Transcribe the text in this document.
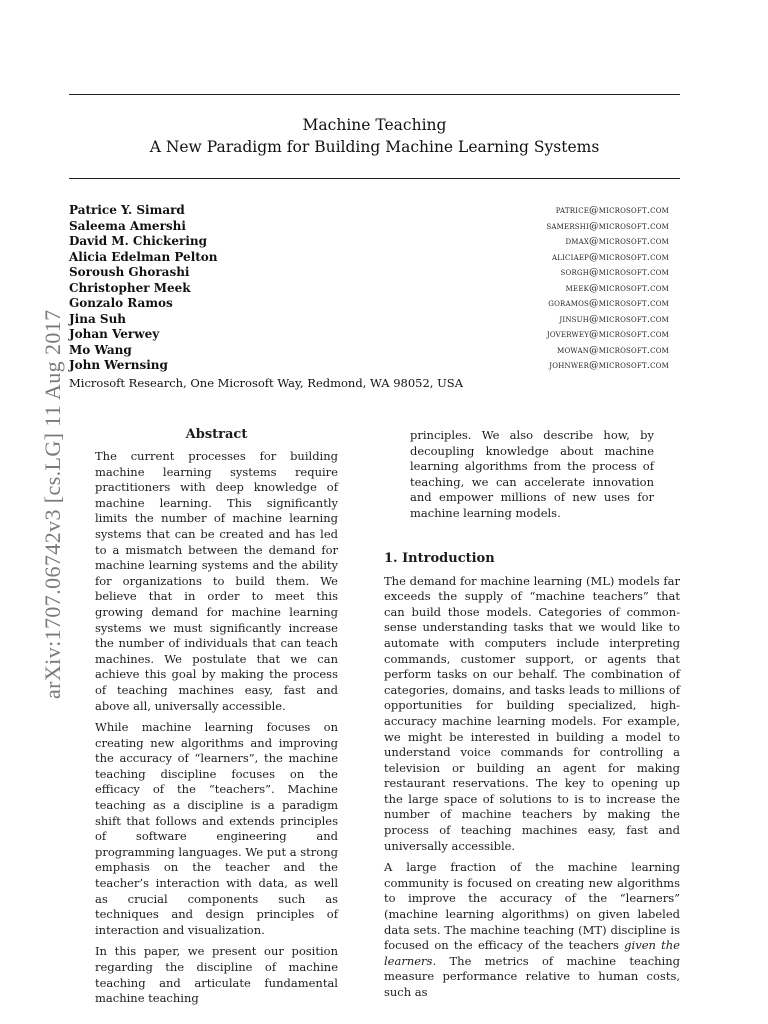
arXiv:1707.06742v3 [cs.LG] 11 Aug 2017
Machine Teaching
A New Paradigm for Building Machine Learning Systems
Patrice Y. Simard	patrice@microsoft.com
Saleema Amershi	samershi@microsoft.com
David M. Chickering	dmax@microsoft.com
Alicia Edelman Pelton	aliciaep@microsoft.com
Soroush Ghorashi	sorgh@microsoft.com
Christopher Meek	meek@microsoft.com
Gonzalo Ramos	goramos@microsoft.com
Jina Suh	jinsuh@microsoft.com
Johan Verwey	joverwey@microsoft.com
Mo Wang	mowan@microsoft.com
John Wernsing	johnwer@microsoft.com
Microsoft Research, One Microsoft Way, Redmond, WA 98052, USA
Abstract

The current processes for building machine learning systems require practitioners with deep knowledge of machine learning. This significantly limits the number of machine learning systems that can be created and has led to a mismatch between the demand for machine learning systems and the ability for organizations to build them. We believe that in order to meet this growing demand for machine learning systems we must significantly increase the number of individuals that can teach machines. We postulate that we can achieve this goal by making the process of teaching machines easy, fast and above all, universally accessible.

While machine learning focuses on creating new algorithms and improving the accuracy of “learners”, the machine teaching discipline focuses on the efficacy of the “teachers”. Machine teaching as a discipline is a paradigm shift that follows and extends principles of software engineering and programming languages. We put a strong emphasis on the teacher and the teacher’s interaction with data, as well as crucial components such as techniques and design principles of interaction and visualization.

In this paper, we present our position regarding the discipline of machine teaching and articulate fundamental machine teaching

principles. We also describe how, by decoupling knowledge about machine learning algorithms from the process of teaching, we can accelerate innovation and empower millions of new uses for machine learning models.

1. Introduction

The demand for machine learning (ML) models far exceeds the supply of “machine teachers” that can build those models. Categories of common-sense understanding tasks that we would like to automate with computers include interpreting commands, customer support, or agents that perform tasks on our behalf. The combination of categories, domains, and tasks leads to millions of opportunities for building specialized, high-accuracy machine learning models. For example, we might be interested in building a model to understand voice commands for controlling a television or building an agent for making restaurant reservations. The key to opening up the large space of solutions to is to increase the number of machine teachers by making the process of teaching machines easy, fast and universally accessible.

A large fraction of the machine learning community is focused on creating new algorithms to improve the accuracy of the “learners” (machine learning algorithms) on given labeled data sets. The machine teaching (MT) discipline is focused on the efficacy of the teachers given the learners. The metrics of machine teaching measure performance relative to human costs, such as
